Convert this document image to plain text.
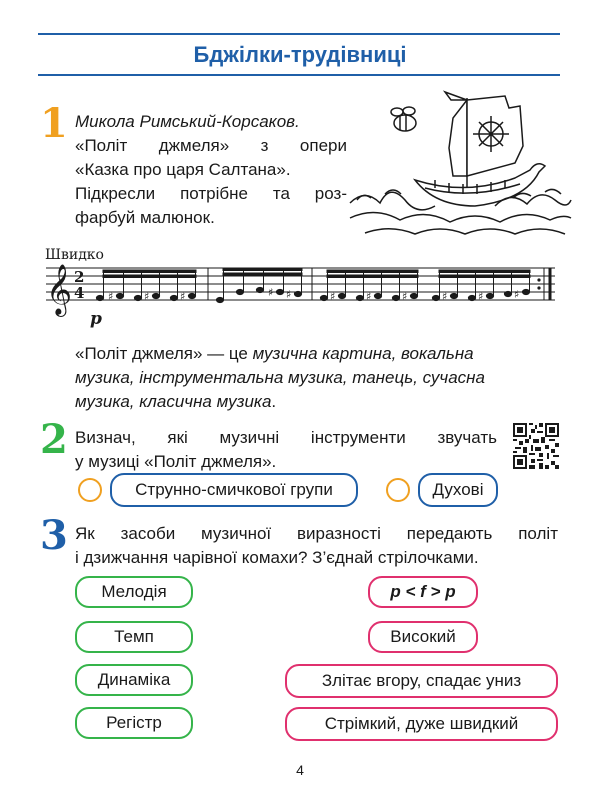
Бджілки-трудівниці
1 Микола Римський-Корсаков.
«Політ джмеля» з опери
«Казка про царя Салтана».
Підкресли потрібне та роз-
фарбуй малюнок.
Швидко
𝄞 2
4
p
♯	♯	♯	♯ ♯	♯	♯	♯	♯	♯	♯
«Політ джмеля» — це музична картина, вокальна
музика, інструментальна музика, танець, сучасна
музика, класична музика.
2 Визнач, які музичні інструменти звучать
у музиці «Політ джмеля».
Струнно-смичкової групи	Духові
3 Як засоби музичної виразності передають політ
і дзижчання чарівної комахи? З’єднай стрілочками.
Мелодія
Темп
Динаміка
Регістр
p < f > p
Високий
Злітає вгору, спадає униз
Стрімкий, дуже швидкий
4
